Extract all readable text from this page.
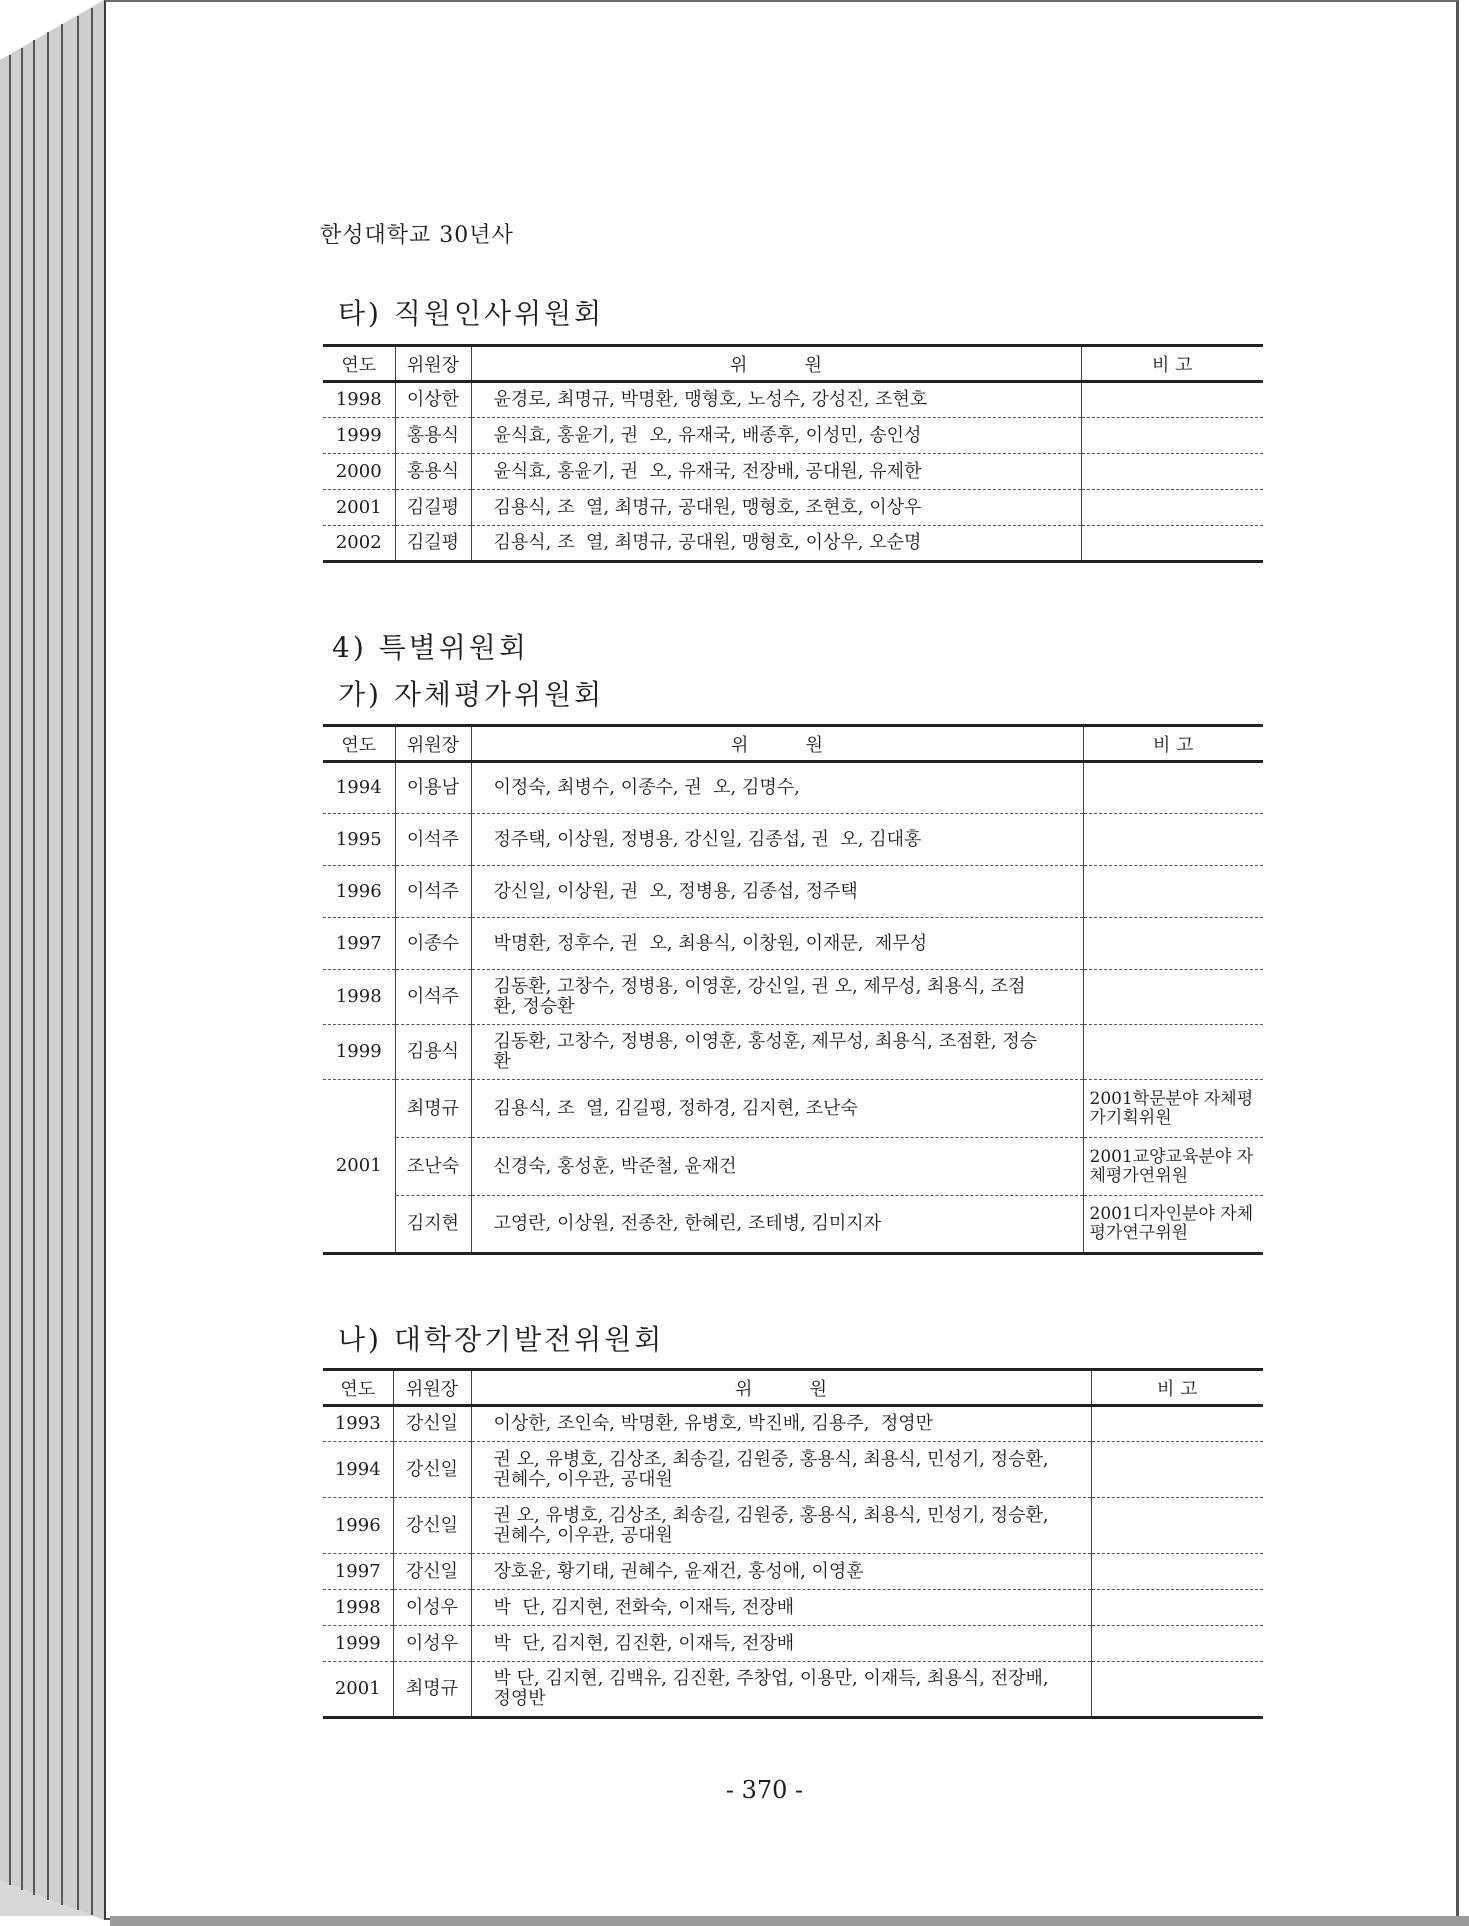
한성대학교 30년사
타) 직원인사위원회
연도	위원장	위          원	비 고
1998	이상한	윤경로, 최명규, 박명환, 맹형호, 노성수, 강성진, 조현호	
1999	홍용식	윤식효, 홍윤기, 권  오, 유재국, 배종후, 이성민, 송인성	
2000	홍용식	윤식효, 홍윤기, 권  오, 유재국, 전장배, 공대원, 유제한	
2001	김길평	김용식, 조  열, 최명규, 공대원, 맹형호, 조현호, 이상우	
2002	김길평	김용식, 조  열, 최명규, 공대원, 맹형호, 이상우, 오순명	
4) 특별위원회
가) 자체평가위원회
연도	위원장	위          원	비 고
1994	이용남	이정숙, 최병수, 이종수, 권  오, 김명수,	
1995	이석주	정주택, 이상원, 정병용, 강신일, 김종섭, 권  오, 김대홍	
1996	이석주	강신일, 이상원, 권  오, 정병용, 김종섭, 정주택	
1997	이종수	박명환, 정후수, 권  오, 최용식, 이창원, 이재문,  제무성	
1998	이석주	김동환, 고창수, 정병용, 이영훈, 강신일, 권 오, 제무성, 최용식, 조점환, 정승환	
1999	김용식	김동환, 고창수, 정병용, 이영훈, 홍성훈, 제무성, 최용식, 조점환, 정승환	
2001	최명규	김용식, 조  열, 김길평, 정하경, 김지현, 조난숙	2001학문분야 자체평가기획위원
	조난숙	신경숙, 홍성훈, 박준철, 윤재건	2001교양교육분야 자체평가연위원
	김지현	고영란, 이상원, 전종찬, 한혜린, 조테병, 김미지자	2001디자인분야 자체평가연구위원
나) 대학장기발전위원회
연도	위원장	위          원	비 고
1993	강신일	이상한, 조인숙, 박명환, 유병호, 박진배, 김용주,  정영만	
1994	강신일	권 오, 유병호, 김상조, 최송길, 김원중, 홍용식, 최용식, 민성기, 정승환, 권혜수, 이우관, 공대원	
1996	강신일	권 오, 유병호, 김상조, 최송길, 김원중, 홍용식, 최용식, 민성기, 정승환, 권혜수, 이우관, 공대원	
1997	강신일	장호윤, 황기태, 권혜수, 윤재건, 홍성애, 이영훈	
1998	이성우	박  단, 김지현, 전화숙, 이재득, 전장배	
1999	이성우	박  단, 김지현, 김진환, 이재득, 전장배	
2001	최명규	박 단, 김지현, 김백유, 김진환, 주창업, 이용만, 이재득, 최용식, 전장배, 정영반	
- 370 -
